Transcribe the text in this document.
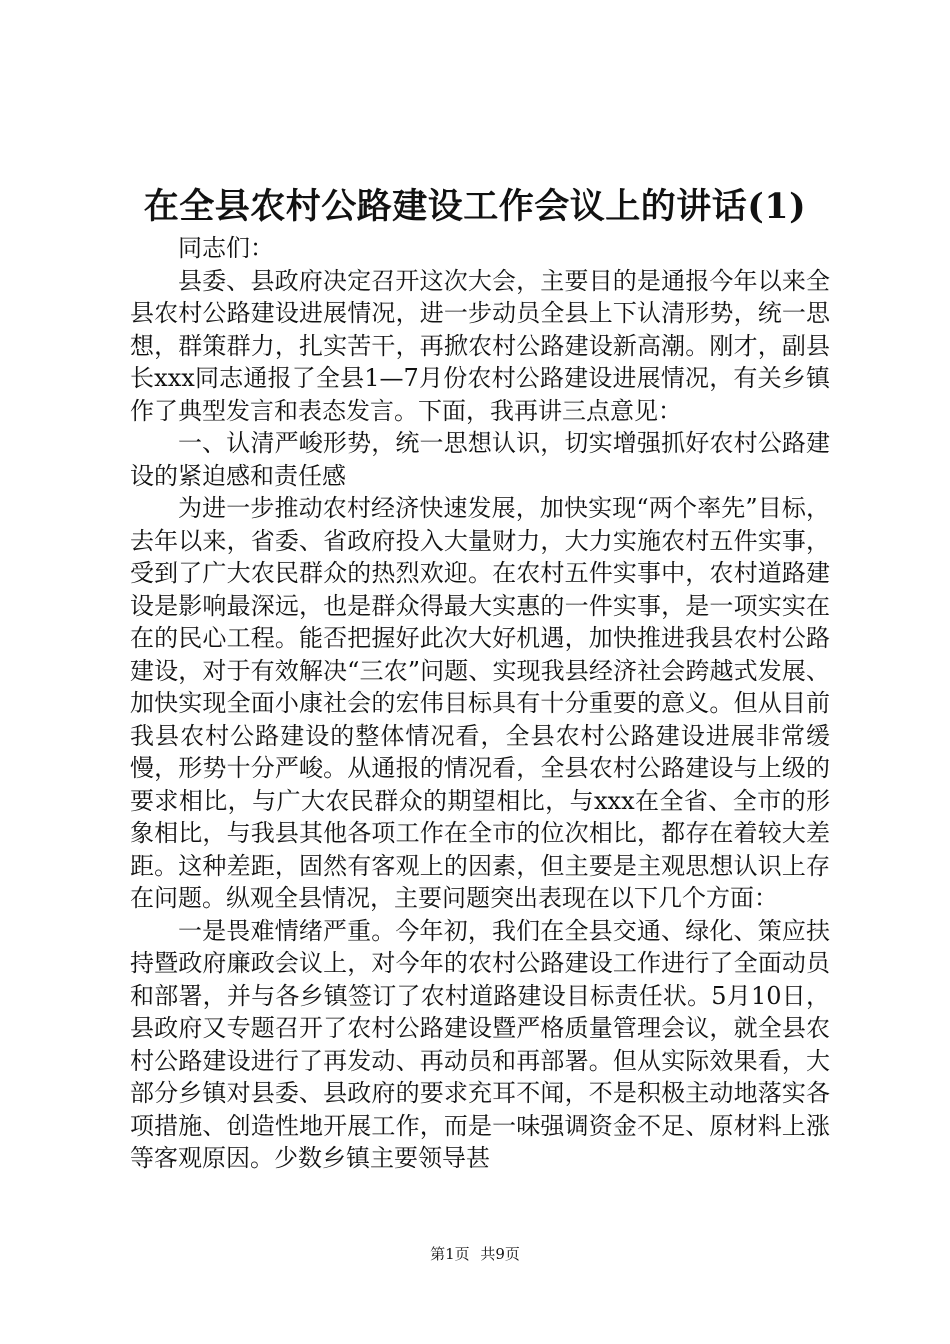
在全县农村公路建设工作会议上的讲话(1)

同志们：

县委、县政府决定召开这次大会，主要目的是通报今年以来全县农村公路建设进展情况，进一步动员全县上下认清形势，统一思想，群策群力，扎实苦干，再掀农村公路建设新高潮。刚才，副县长xxx同志通报了全县1—7月份农村公路建设进展情况，有关乡镇作了典型发言和表态发言。下面，我再讲三点意见：

一、认清严峻形势，统一思想认识，切实增强抓好农村公路建设的紧迫感和责任感

为进一步推动农村经济快速发展，加快实现“两个率先”目标，去年以来，省委、省政府投入大量财力，大力实施农村五件实事，受到了广大农民群众的热烈欢迎。在农村五件实事中，农村道路建设是影响最深远，也是群众得最大实惠的一件实事，是一项实实在在的民心工程。能否把握好此次大好机遇，加快推进我县农村公路建设，对于有效解决“三农”问题、实现我县经济社会跨越式发展、加快实现全面小康社会的宏伟目标具有十分重要的意义。但从目前我县农村公路建设的整体情况看，全县农村公路建设进展非常缓慢，形势十分严峻。从通报的情况看，全县农村公路建设与上级的要求相比，与广大农民群众的期望相比，与xxx在全省、全市的形象相比，与我县其他各项工作在全市的位次相比，都存在着较大差距。这种差距，固然有客观上的因素，但主要是主观思想认识上存在问题。纵观全县情况，主要问题突出表现在以下几个方面：

一是畏难情绪严重。今年初，我们在全县交通、绿化、策应扶持暨政府廉政会议上，对今年的农村公路建设工作进行了全面动员和部署，并与各乡镇签订了农村道路建设目标责任状。5月10日，县政府又专题召开了农村公路建设暨严格质量管理会议，就全县农村公路建设进行了再发动、再动员和再部署。但从实际效果看，大部分乡镇对县委、县政府的要求充耳不闻，不是积极主动地落实各项措施、创造性地开展工作，而是一味强调资金不足、原材料上涨等客观原因。少数乡镇主要领导甚

第1页 共9页
